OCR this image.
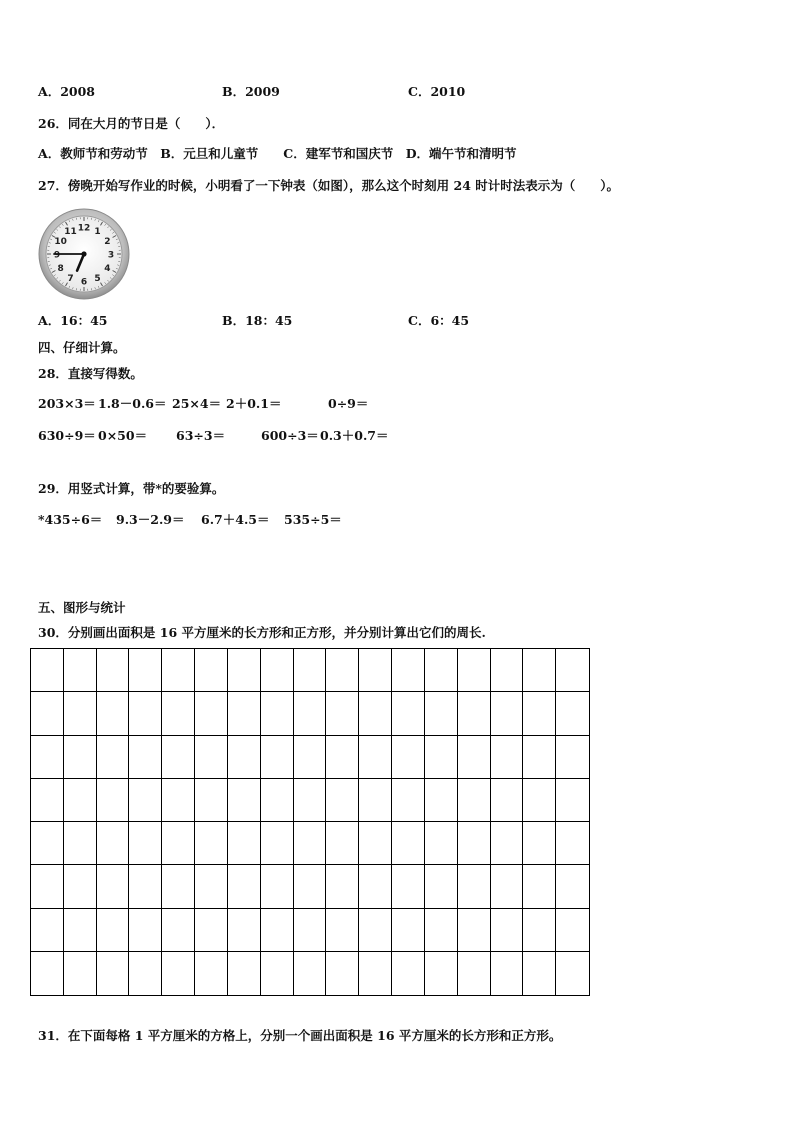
A．2008	B．2009	C．2010
26．同在大月的节日是（　　）．
A．教师节和劳动节　B．元旦和儿童节　　C．建军节和国庆节　D．端午节和清明节
27．傍晚开始写作业的时候，小明看了一下钟表（如图），那么这个时刻用 24 时计时法表示为（　　）。
12 1
2
3
4
5
6
7
8
9
10
11
A．16：45	B．18：45	C．6：45
四、仔细计算。
28．直接写得数。
203×3＝ 1.8－0.6＝ 25×4＝ 2＋0.1＝	0÷9＝
630÷9＝ 0×50＝ 63÷3＝	600÷3＝ 0.3＋0.7＝
29．用竖式计算，带*的要验算。
*435÷6＝ 9.3－2.9＝ 6.7＋4.5＝ 535÷5＝
五、图形与统计
30．分别画出面积是 16 平方厘米的长方形和正方形，并分别计算出它们的周长.
31．在下面每格 1 平方厘米的方格上，分别一个画出面积是 16 平方厘米的长方形和正方形。
